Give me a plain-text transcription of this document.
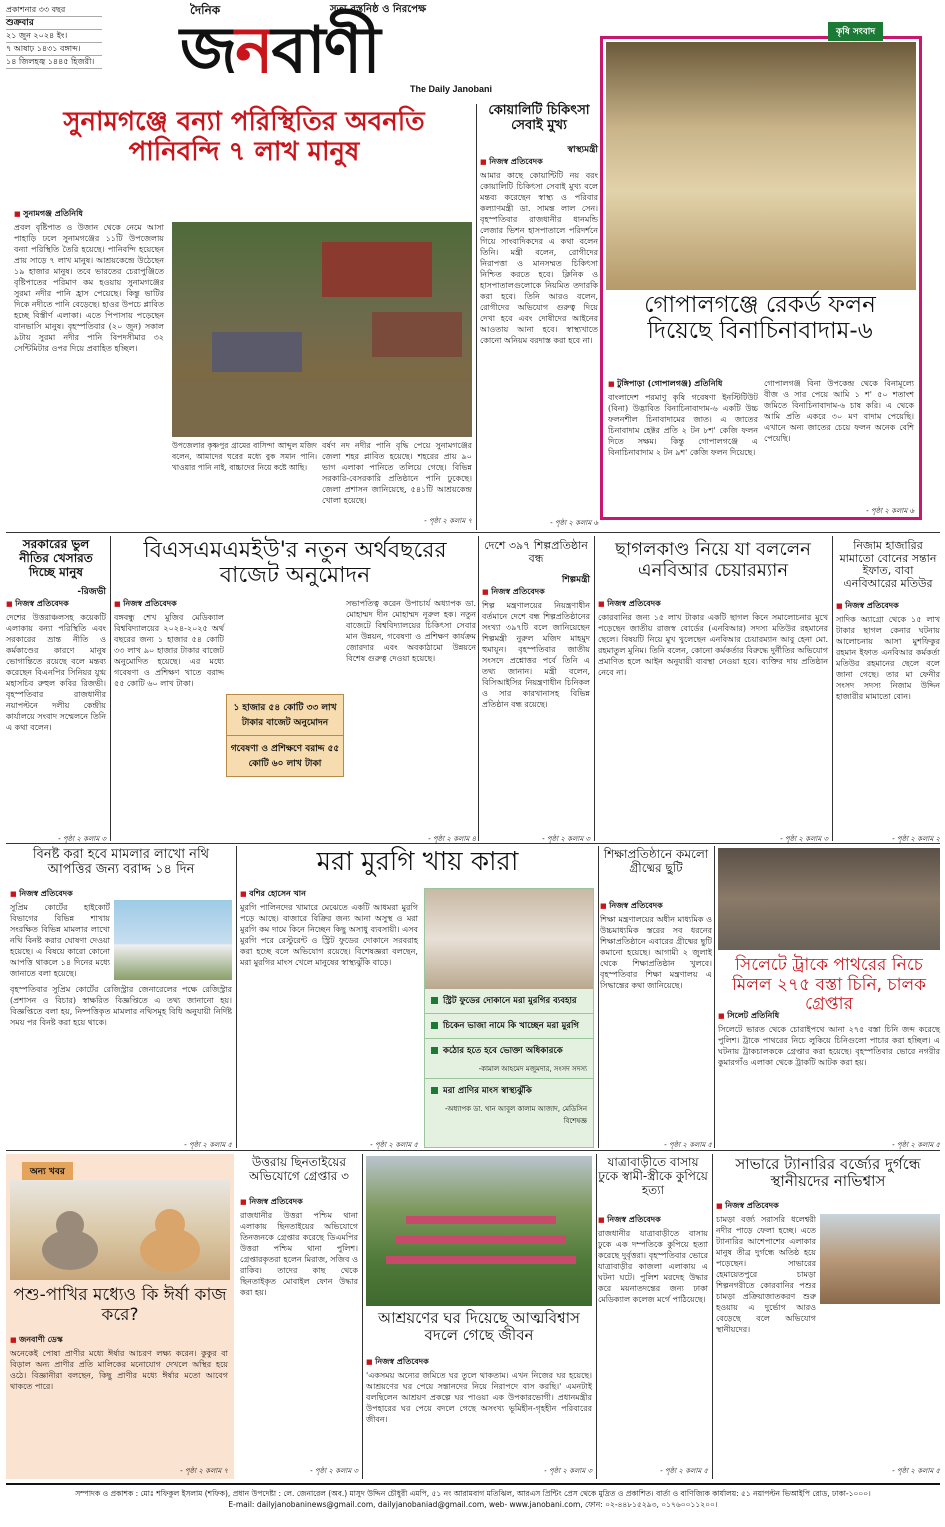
প্রকাশনার ৩৩ বছর
শুক্রবার
২১ জুন ২০২৪ ইং।
৭ আষাঢ় ১৪৩১ বঙ্গাব্দ।
১৪ জিলহজ্ব ১৪৪৫ হিজরী।
দৈনিক	সত্য বস্তুনিষ্ঠ ও নিরপেক্ষ
জনবাণী
The Daily Janobani
সুনামগঞ্জে বন্যা পরিস্থিতির অবনতি
পানিবন্দি ৭ লাখ মানুষ
■ সুনামগঞ্জ প্রতিনিধি
প্রবল বৃষ্টিপাত ও উজান থেকে নেমে আসা পাহাড়ি ঢলে সুনামগঞ্জের ১১টি উপজেলায় বন্যা পরিস্থিতি তৈরি হয়েছে। পানিবন্দি হয়েছেন প্রায় সাড়ে ৭ লাখ মানুষ। আশ্রয়কেন্দ্রে উঠেছেন ১৯ হাজার মানুষ। তবে ভারতের চেরাপুঞ্জিতে বৃষ্টিপাতের পরিমাণ কম হওয়ায় সুনামগঞ্জের সুরমা নদীর পানি হ্রাস পেয়েছে। কিন্তু ভাটির দিকে নদীতে পানি বেড়েছে। হাওর উপচে প্লাবিত হচ্ছে বিস্তীর্ণ এলাকা। এতে পিপাসায় পড়েছেন বানভাসি মানুষ। বৃহস্পতিবার (২০ জুন) সকাল ৯টায় সুরমা নদীর পানি বিপদসীমার ৩২ সেন্টিমিটার ওপর দিয়ে প্রবাহিত হচ্ছিল।
উপজেলার কৃষ্ণপুর গ্রামের বাসিন্দা আব্দুল মজিদ বলেন, আমাদের ঘরের মধ্যে বুক সমান পানি। খাওয়ার পানি নাই, বাচ্চাদের নিয়ে কষ্টে আছি।
বর্ষণ নদ নদীর পানি বৃদ্ধি পেয়ে সুনামগঞ্জের জেলা শহর প্লাবিত হয়েছে। শহরের প্রায় ৯০ ভাগ এলাকা পানিতে তলিয়ে গেছে। বিভিন্ন সরকারি-বেসরকারি প্রতিষ্ঠানে পানি ঢুকেছে। জেলা প্রশাসন জানিয়েছে, ৫৪১টি আশ্রয়কেন্দ্র খোলা হয়েছে।
- পৃষ্ঠা ২ কলাম ৭
কোয়ালিটি চিকিৎসা সেবাই মুখ্য
স্বাস্থ্যমন্ত্রী
■ নিজস্ব প্রতিবেদক
আমার কাছে কোয়ান্টিটি নয় বরং কোয়ালিটি চিকিৎসা সেবাই মুখ্য বলে মন্তব্য করেছেন স্বাস্থ্য ও পরিবার কল্যাণমন্ত্রী ডা. সামন্ত লাল সেন। বৃহস্পতিবার রাজধানীর ধানমন্ডি লেজার ভিশন হাসপাতালে পরিদর্শনে গিয়ে সাংবাদিকদের এ কথা বলেন তিনি। মন্ত্রী বলেন, রোগীদের নিরাপত্তা ও মানসম্মত চিকিৎসা নিশ্চিত করতে হবে। ক্লিনিক ও হাসপাতালগুলোকে নিয়মিত তদারকি করা হবে। তিনি আরও বলেন, রোগীদের অভিযোগ গুরুত্ব দিয়ে দেখা হবে এবং দোষীদের আইনের আওতায় আনা হবে। স্বাস্থ্যখাতে কোনো অনিয়ম বরদাস্ত করা হবে না।
- পৃষ্ঠা ২ কলাম ৬
কৃষি সংবাদ
গোপালগঞ্জে রেকর্ড ফলন দিয়েছে বিনাচিনাবাদাম-৬
■ টুঙ্গিপাড়া (গোপালগঞ্জ) প্রতিনিধি
বাংলাদেশ পরমাণু কৃষি গবেষণা ইনস্টিটিউট (বিনা) উদ্ভাবিত বিনাচিনাবাদাম-৬ একটি উচ্চ ফলনশীল চিনাবাদামের জাত। এ জাতের চিনাবাদাম হেক্টর প্রতি ২ টন ৮শ' কেজি ফলন দিতে সক্ষম। কিন্তু গোপালগঞ্জে এ বিনাচিনাবাদাম ২ টন ৯শ' কেজি ফলন দিয়েছে।
গোপালগঞ্জ বিনা উপকেন্দ্র থেকে বিনামূল্যে বীজ ও সার পেয়ে আমি ১ শ' ৫০ শতাংশ জমিতে বিনাচিনাবাদাম-৬ চাষ করি। এ থেকে আমি প্রতি একরে ৩০ মণ বাদাম পেয়েছি। এখানে অন্য জাতের চেয়ে ফলন অনেক বেশি পেয়েছি।
- পৃষ্ঠা ২ কলাম ৬
সরকারের ভুল নীতির খেসারত দিচ্ছে মানুষ
-রিজভী
■ নিজস্ব প্রতিবেদক
দেশের উত্তরাঞ্চলসহ কয়েকটি এলাকায় বন্যা পরিস্থিতি এবং সরকারের ভ্রান্ত নীতি ও কর্মকাণ্ডের কারণে মানুষ ভোগান্তিতে রয়েছে বলে মন্তব্য করেছেন বিএনপির সিনিয়র যুগ্ম মহাসচিব রুহুল কবির রিজভী। বৃহস্পতিবার রাজধানীর নয়াপল্টনে দলীয় কেন্দ্রীয় কার্যালয়ে সংবাদ সম্মেলনে তিনি এ কথা বলেন।
- পৃষ্ঠা ২ কলাম ৩
বিএসএমএমইউ'র নতুন অর্থবছরের
বাজেট অনুমোদন
■ নিজস্ব প্রতিবেদক
বঙ্গবন্ধু শেখ মুজিব মেডিক্যাল বিশ্ববিদ্যালয়ের ২০২৪-২০২৫ অর্থ বছরের জন্য ১ হাজার ৫৪ কোটি ৩৩ লাখ ৯০ হাজার টাকার বাজেট অনুমোদিত হয়েছে। এর মধ্যে গবেষণা ও প্রশিক্ষণ খাতে বরাদ্দ ৫৫ কোটি ৬০ লাখ টাকা।
সভাপতিত্ব করেন উপাচার্য অধ্যাপক ডা. মোহাম্মদ দীন মোহাম্মদ নূরুল হক। নতুন বাজেটে বিশ্ববিদ্যালয়ের চিকিৎসা সেবার মান উন্নয়ন, গবেষণা ও প্রশিক্ষণ কার্যক্রম জোরদার এবং অবকাঠামো উন্নয়নে বিশেষ গুরুত্ব দেওয়া হয়েছে।
১ হাজার ৫৪ কোটি ৩৩ লাখ টাকার বাজেট অনুমোদন
গবেষণা ও প্রশিক্ষণে বরাদ্দ ৫৫ কোটি ৬০ লাখ টাকা
- পৃষ্ঠা ২ কলাম ৪
দেশে ৩৯৭ শিল্পপ্রতিষ্ঠান বন্ধ
শিল্পমন্ত্রী
■ নিজস্ব প্রতিবেদক
শিল্প মন্ত্রণালয়ের নিয়ন্ত্রণাধীন বর্তমানে দেশে বন্ধ শিল্পপ্রতিষ্ঠানের সংখ্যা ৩৯৭টি বলে জানিয়েছেন শিল্পমন্ত্রী নুরুল মজিদ মাহমুদ হুমায়ূন। বৃহস্পতিবার জাতীয় সংসদে প্রশ্নোত্তর পর্বে তিনি এ তথ্য জানান। মন্ত্রী বলেন, বিসিআইসির নিয়ন্ত্রণাধীন চিনিকল ও সার কারখানাসহ বিভিন্ন প্রতিষ্ঠান বন্ধ রয়েছে।
- পৃষ্ঠা ২ কলাম ৩
ছাগলকাণ্ড নিয়ে যা বললেন
এনবিআর চেয়ারম্যান
■ নিজস্ব প্রতিবেদক
কোরবানির জন্য ১৫ লাখ টাকার একটি ছাগল কিনে সমালোচনার মুখে পড়েছেন জাতীয় রাজস্ব বোর্ডের (এনবিআর) সদস্য মতিউর রহমানের ছেলে। বিষয়টি নিয়ে মুখ খুলেছেন এনবিআর চেয়ারম্যান আবু হেনা মো. রহমাতুল মুনিম। তিনি বলেন, কোনো কর্মকর্তার বিরুদ্ধে দুর্নীতির অভিযোগ প্রমাণিত হলে আইন অনুযায়ী ব্যবস্থা নেওয়া হবে। ব্যক্তির দায় প্রতিষ্ঠান নেবে না।
- পৃষ্ঠা ২ কলাম ৩
নিজাম হাজারির মামাতো বোনের সন্তান ইফাত, বাবা এনবিআরের মতিউর
■ নিজস্ব প্রতিবেদক
সাদিক অ্যাগ্রো থেকে ১৫ লাখ টাকার ছাগল কেনার ঘটনায় আলোচনায় আসা মুশফিকুর রহমান ইফাত এনবিআর কর্মকর্তা মতিউর রহমানের ছেলে বলে জানা গেছে। তার মা ফেনীর সংসদ সদস্য নিজাম উদ্দিন হাজারীর মামাতো বোন।
- পৃষ্ঠা ২ কলাম ২
বিনষ্ট করা হবে মামলার লাখো নথি
আপত্তির জন্য বরাদ্দ ১৪ দিন
■ নিজস্ব প্রতিবেদক
সুপ্রিম কোর্টের হাইকোর্ট বিভাগের বিভিন্ন শাখায় সংরক্ষিত বিভিন্ন মামলার লাখো নথি বিনষ্ট করার ঘোষণা দেওয়া হয়েছে। এ বিষয়ে কারো কোনো আপত্তি থাকলে ১৪ দিনের মধ্যে জানাতে বলা হয়েছে।
বৃহস্পতিবার সুপ্রিম কোর্টের রেজিস্ট্রার জেনারেলের পক্ষে রেজিস্ট্রার (প্রশাসন ও বিচার) স্বাক্ষরিত বিজ্ঞপ্তিতে এ তথ্য জানানো হয়। বিজ্ঞপ্তিতে বলা হয়, নিষ্পত্তিকৃত মামলার নথিসমূহ বিধি অনুযায়ী নির্দিষ্ট সময় পর বিনষ্ট করা হয়ে থাকে।
- পৃষ্ঠা ২ কলাম ৫
মরা মুরগি খায় কারা
■ বশির হোসেন খান
মুরগি পালিনদের খামারে মেঝেতে একটি আধমরা মুরগি পড়ে আছে। বাজারে বিক্রির জন্য আনা অসুস্থ ও মরা মুরগি কম দামে কিনে নিচ্ছেন কিছু অসাধু ব্যবসায়ী। এসব মুরগি পরে রেস্টুরেন্ট ও স্ট্রিট ফুডের দোকানে সরবরাহ করা হচ্ছে বলে অভিযোগ রয়েছে। বিশেষজ্ঞরা বলছেন, মরা মুরগির মাংস খেলে মানুষের স্বাস্থ্যঝুঁকি বাড়ে।
- পৃষ্ঠা ২ কলাম ৫
স্ট্রিট ফুডের দোকানে মরা মুরগির ব্যবহার
চিকেন ভাজা নামে কি খাচ্ছেন মরা মুরগি
কঠোর হতে হবে ভোক্তা অধিকারকে
-কামাল আহমেদ মজুমদার, সংসদ সদস্য
মরা প্রাণির মাংস স্বাস্থ্যঝুঁকি
-অধ্যাপক ডা. খান আবুল কালাম আজাদ, মেডিসিন বিশেষজ্ঞ
শিক্ষাপ্রতিষ্ঠানে কমলো গ্রীষ্মের ছুটি
■ নিজস্ব প্রতিবেদক
শিক্ষা মন্ত্রণালয়ের অধীন মাধ্যমিক ও উচ্চমাধ্যমিক স্তরের সব ধরনের শিক্ষাপ্রতিষ্ঠানে এবারের গ্রীষ্মের ছুটি কমানো হয়েছে। আগামী ২ জুলাই থেকে শিক্ষাপ্রতিষ্ঠান খুলবে। বৃহস্পতিবার শিক্ষা মন্ত্রণালয় এ সিদ্ধান্তের কথা জানিয়েছে।
- পৃষ্ঠা ২ কলাম ৫
সিলেটে ট্রাকে পাথরের নিচে মিলল ২৭৫ বস্তা চিনি, চালক গ্রেপ্তার
■ সিলেট প্রতিনিধি
সিলেটে ভারত থেকে চোরাইপথে আনা ২৭৫ বস্তা চিনি জব্দ করেছে পুলিশ। ট্রাকে পাথরের নিচে লুকিয়ে চিনিগুলো পাচার করা হচ্ছিল। এ ঘটনায় ট্রাকচালককে গ্রেপ্তার করা হয়েছে। বৃহস্পতিবার ভোরে নগরীর কুমারগাঁও এলাকা থেকে ট্রাকটি আটক করা হয়।
- পৃষ্ঠা ২ কলাম ৫
অন্য খবর
পশু-পাখির মধ্যেও কি ঈর্ষা কাজ করে?
■ জনবাণী ডেস্ক
অনেকেই পোষা প্রাণীর মধ্যে ঈর্ষার আচরণ লক্ষ্য করেন। কুকুর বা বিড়াল অন্য প্রাণীর প্রতি মালিকের মনোযোগ দেখলে অস্থির হয়ে ওঠে। বিজ্ঞানীরা বলছেন, কিছু প্রাণীর মধ্যে ঈর্ষার মতো আবেগ থাকতে পারে।
- পৃষ্ঠা ২ কলাম ৭
উত্তরায় ছিনতাইয়ের অভিযোগে গ্রেপ্তার ৩
■ নিজস্ব প্রতিবেদক
রাজধানীর উত্তরা পশ্চিম থানা এলাকায় ছিনতাইয়ের অভিযোগে তিনজনকে গ্রেপ্তার করেছে ডিএমপির উত্তরা পশ্চিম থানা পুলিশ। গ্রেপ্তারকৃতরা হলেন মিরাজ, সজিব ও রাকিব। তাদের কাছ থেকে ছিনতাইকৃত মোবাইল ফোন উদ্ধার করা হয়।
- পৃষ্ঠা ২ কলাম ৩
আশ্রয়ণের ঘর দিয়েছে আত্মবিশ্বাস
বদলে গেছে জীবন
■ নিজস্ব প্রতিবেদক
'একসময় অন্যের জমিতে ঘর তুলে থাকতাম। এখন নিজের ঘর হয়েছে। আশ্রয়ণের ঘর পেয়ে সন্তানদের নিয়ে নিরাপদে বাস করছি।' এমনটাই বলছিলেন আশ্রয়ণ প্রকল্পে ঘর পাওয়া এক উপকারভোগী। প্রধানমন্ত্রীর উপহারের ঘর পেয়ে বদলে গেছে অসংখ্য ভূমিহীন-গৃহহীন পরিবারের জীবন।
- পৃষ্ঠা ২ কলাম ৩
যাত্রাবাড়ীতে বাসায় ঢুকে স্বামী-স্ত্রীকে কুপিয়ে হত্যা
■ নিজস্ব প্রতিবেদক
রাজধানীর যাত্রাবাড়ীতে বাসায় ঢুকে এক দম্পতিকে কুপিয়ে হত্যা করেছে দুর্বৃত্তরা। বৃহস্পতিবার ভোরে যাত্রাবাড়ীর কাজলা এলাকায় এ ঘটনা ঘটে। পুলিশ মরদেহ উদ্ধার করে ময়নাতদন্তের জন্য ঢাকা মেডিক্যাল কলেজ মর্গে পাঠিয়েছে।
- পৃষ্ঠা ২ কলাম ৫
সাভারে ট্যানারির বর্জ্যের দুর্গন্ধে
স্থানীয়দের নাভিশ্বাস
■ নিজস্ব প্রতিবেদক
চামড়া বর্জ্য সরাসরি ধলেশ্বরী নদীর পাড়ে ফেলা হচ্ছে। এতে ট্যানারির আশেপাশের এলাকার মানুষ তীব্র দুর্গন্ধে অতিষ্ঠ হয়ে পড়েছেন। সাভারের হেমায়েতপুরে চামড়া শিল্পনগরীতে কোরবানির পশুর চামড়া প্রক্রিয়াজাতকরণ শুরু হওয়ায় এ দুর্ভোগ আরও বেড়েছে বলে অভিযোগ স্থানীয়দের।
- পৃষ্ঠা ২ কলাম ৫
সম্পাদক ও প্রকাশক : মোঃ শফিকুল ইসলাম (শফিক), প্রধান উপদেষ্টা : লে. জেনারেল (অব.) মাসুদ উদ্দিন চৌধুরী এমপি, ৫১ নং আরামবাগ মতিঝিল, আরএস প্রিন্টিং প্রেস থেকে মুদ্রিত ও প্রকাশিত। বার্তা ও বাণিজ্যিক কার্যালয়: ৫১ নয়াপল্টন ভিআইপি রোড, ঢাকা-১০০০।
E-mail: dailyjanobaninews@gmail.com, dailyjanobaniad@gmail.com, web- www.janobani.com, ফোন: ০২-৪৪৮১৫২৯৩, ০১৭৬০০১১২০০।
